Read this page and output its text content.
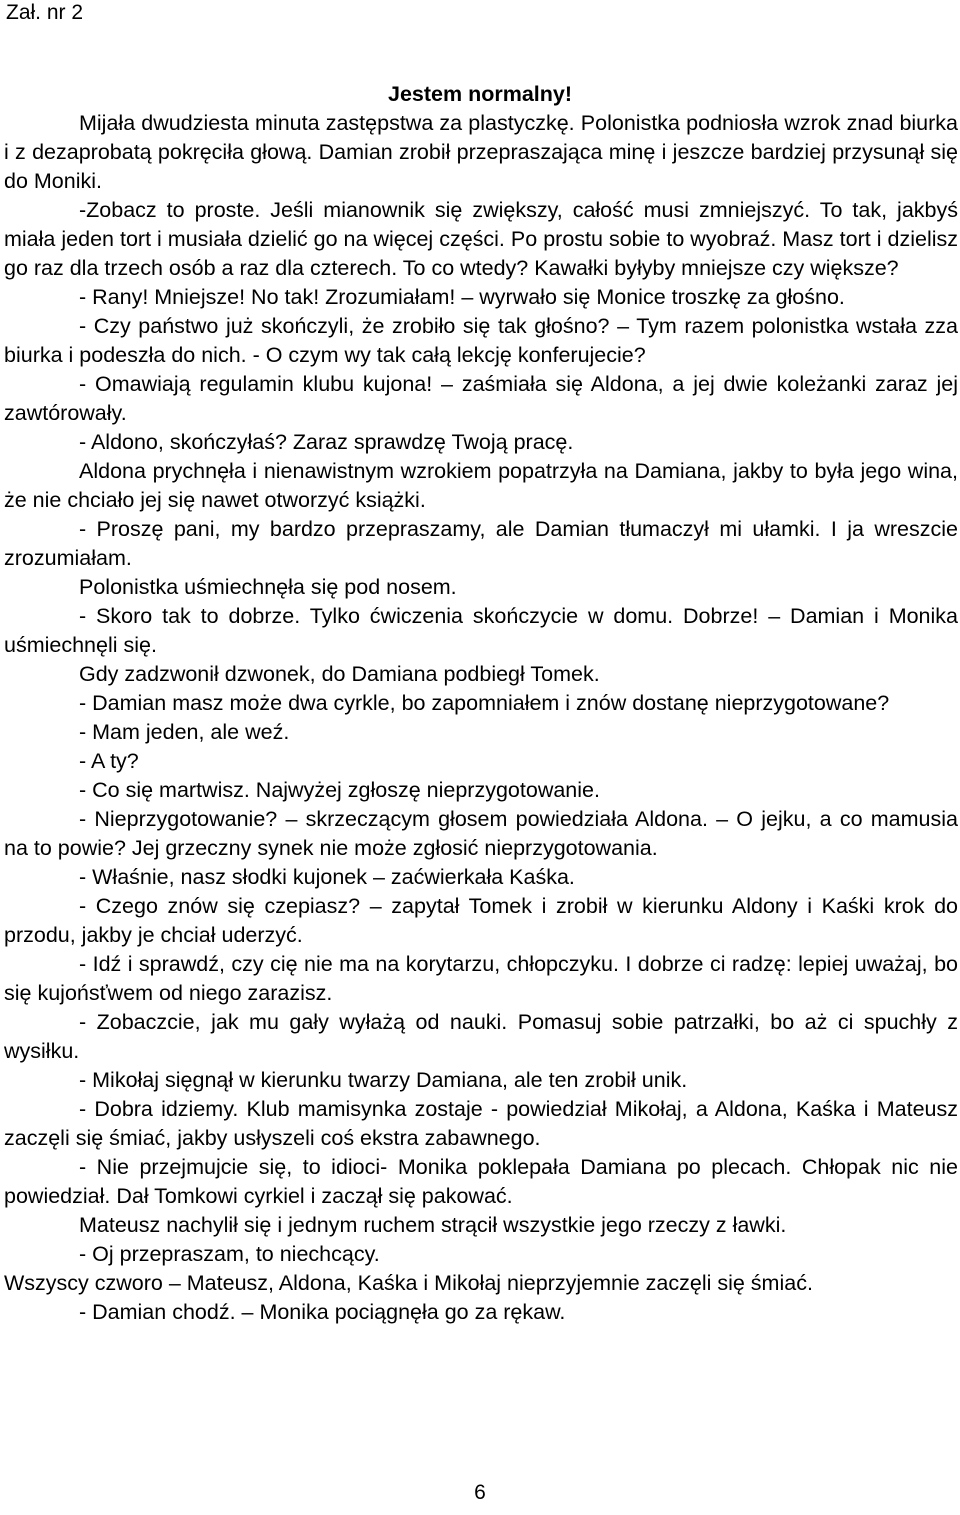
Zał. nr 2
Jestem normalny!

Mijała dwudziesta minuta zastępstwa za plastyczkę. Polonistka podniosła wzrok znad biurka i z dezaprobatą pokręciła głową. Damian zrobił przepraszająca minę i jeszcze bardziej przysunął się do Moniki.

-Zobacz to proste. Jeśli mianownik się zwiększy, całość musi zmniejszyć. To tak, jakbyś miała jeden tort i musiała dzielić go na więcej części. Po prostu sobie to wyobraź. Masz tort i dzielisz go raz dla trzech osób a raz dla czterech. To co wtedy? Kawałki byłyby mniejsze czy większe?

- Rany! Mniejsze! No tak! Zrozumiałam! – wyrwało się Monice troszkę za głośno.

- Czy państwo już skończyli, że zrobiło się tak głośno? – Tym razem polonistka wstała zza biurka i podeszła do nich. - O czym wy tak całą lekcję konferujecie?

- Omawiają regulamin klubu kujona! – zaśmiała się Aldona, a jej dwie koleżanki zaraz jej zawtórowały.

- Aldono, skończyłaś? Zaraz sprawdzę Twoją pracę.

Aldona prychnęła i nienawistnym wzrokiem popatrzyła na Damiana, jakby to była jego wina, że nie chciało jej się nawet otworzyć książki.

- Proszę pani, my bardzo przepraszamy, ale Damian tłumaczył mi ułamki. I ja wreszcie zrozumiałam.

Polonistka uśmiechnęła się pod nosem.

- Skoro tak to dobrze. Tylko ćwiczenia skończycie w domu. Dobrze! – Damian i Monika uśmiechnęli się.

Gdy zadzwonił dzwonek, do Damiana podbiegł Tomek.

- Damian masz może dwa cyrkle, bo zapomniałem i znów dostanę nieprzygotowane?

- Mam jeden, ale weź.

- A ty?

- Co się martwisz. Najwyżej zgłoszę nieprzygotowanie.

- Nieprzygotowanie? – skrzeczącym głosem powiedziała Aldona. – O jejku, a co mamusia na to powie? Jej grzeczny synek nie może zgłosić nieprzygotowania.

- Właśnie, nasz słodki kujonek – zaćwierkała Kaśka.

- Czego znów się czepiasz? – zapytał Tomek i zrobił w kierunku Aldony i Kaśki krok do przodu, jakby je chciał uderzyć.

- Idź i sprawdź, czy cię nie ma na korytarzu, chłopczyku. I dobrze ci radzę: lepiej uważaj, bo się kujońsťwem od niego zarazisz.

- Zobaczcie, jak mu gały wyłażą od nauki. Pomasuj sobie patrzałki, bo aż ci spuchły z wysiłku.

- Mikołaj sięgnął w kierunku twarzy Damiana, ale ten zrobił unik.

- Dobra idziemy. Klub mamisynka zostaje - powiedział Mikołaj, a Aldona, Kaśka i Mateusz zaczęli się śmiać, jakby usłyszeli coś ekstra zabawnego.

- Nie przejmujcie się, to idioci- Monika poklepała Damiana po plecach. Chłopak nic nie powiedział. Dał Tomkowi cyrkiel i zaczął się pakować.

Mateusz nachylił się i jednym ruchem strącił wszystkie jego rzeczy z ławki.

- Oj przepraszam, to niechcący.

Wszyscy czworo – Mateusz, Aldona, Kaśka i Mikołaj nieprzyjemnie zaczęli się śmiać.

- Damian chodź. – Monika pociągnęła go za rękaw.

6
